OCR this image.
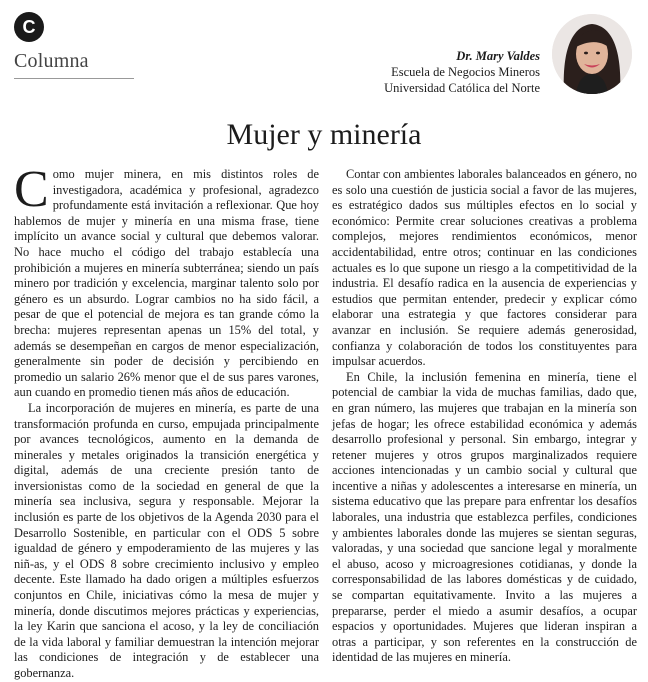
C
Columna	Dr. Mary Valdes
Escuela de Negocios Mineros
Universidad Católica del Norte
Mujer y minería

Como mujer minera, en mis distintos roles de investigadora, académica y profesional, agradezco profundamente está invitación a reflexionar. Que hoy hablemos de mujer y minería en una misma frase, tiene implícito un avance social y cultural que debemos valorar. No hace mucho el código del trabajo establecía una prohibición a mujeres en minería subterránea; siendo un país minero por tradición y excelencia, marginar talento solo por género es un absurdo. Lograr cambios no ha sido fácil, a pesar de que el potencial de mejora es tan grande cómo la brecha: mujeres representan apenas un 15% del total, y además se desempeñan en cargos de menor especialización, generalmente sin poder de decisión y percibiendo en promedio un salario 26% menor que el de sus pares varones, aun cuando en promedio tienen más años de educación.

La incorporación de mujeres en minería, es parte de una transformación profunda en curso, empujada principalmente por avances tecnológicos, aumento en la demanda de minerales y metales originados la transición energética y digital, además de una creciente presión tanto de inversionistas como de la sociedad en general de que la minería sea inclusiva, segura y responsable. Mejorar la inclusión es parte de los objetivos de la Agenda 2030 para el Desarrollo Sostenible, en particular con el ODS 5 sobre igualdad de género y empoderamiento de las mujeres y las niñ-as, y el ODS 8 sobre crecimiento inclusivo y empleo decente. Este llamado ha dado origen a múltiples esfuerzos conjuntos en Chile, iniciativas cómo la mesa de mujer y minería, donde discutimos mejores prácticas y experiencias, la ley Karin que sanciona el acoso, y la ley de conciliación de la vida laboral y familiar demuestran la intención mejorar las condiciones de integración y de establecer una gobernanza.

Contar con ambientes laborales balanceados en género, no es solo una cuestión de justicia social a favor de las mujeres, es estratégico dados sus múltiples efectos en lo social y económico: Permite crear soluciones creativas a problema complejos, mejores rendimientos económicos, menor accidentabilidad, entre otros; continuar en las condiciones actuales es lo que supone un riesgo a la competitividad de la industria. El desafío radica en la ausencia de experiencias y estudios que permitan entender, predecir y explicar cómo elaborar una estrategia y que factores considerar para avanzar en inclusión. Se requiere además generosidad, confianza y colaboración de todos los constituyentes para impulsar acuerdos.

En Chile, la inclusión femenina en minería, tiene el potencial de cambiar la vida de muchas familias, dado que, en gran número, las mujeres que trabajan en la minería son jefas de hogar; les ofrece estabilidad económica y además desarrollo profesional y personal. Sin embargo, integrar y retener mujeres y otros grupos marginalizados requiere acciones intencionadas y un cambio social y cultural que incentive a niñas y adolescentes a interesarse en minería, un sistema educativo que las prepare para enfrentar los desafíos laborales, una industria que establezca perfiles, condiciones y ambientes laborales donde las mujeres se sientan seguras, valoradas, y una sociedad que sancione legal y moralmente el abuso, acoso y microagresiones cotidianas, y donde la corresponsabilidad de las labores domésticas y de cuidado, se compartan equitativamente. Invito a las mujeres a prepararse, perder el miedo a asumir desafíos, a ocupar espacios y oportunidades. Mujeres que lideran inspiran a otras a participar, y son referentes en la construcción de identidad de las mujeres en minería.
